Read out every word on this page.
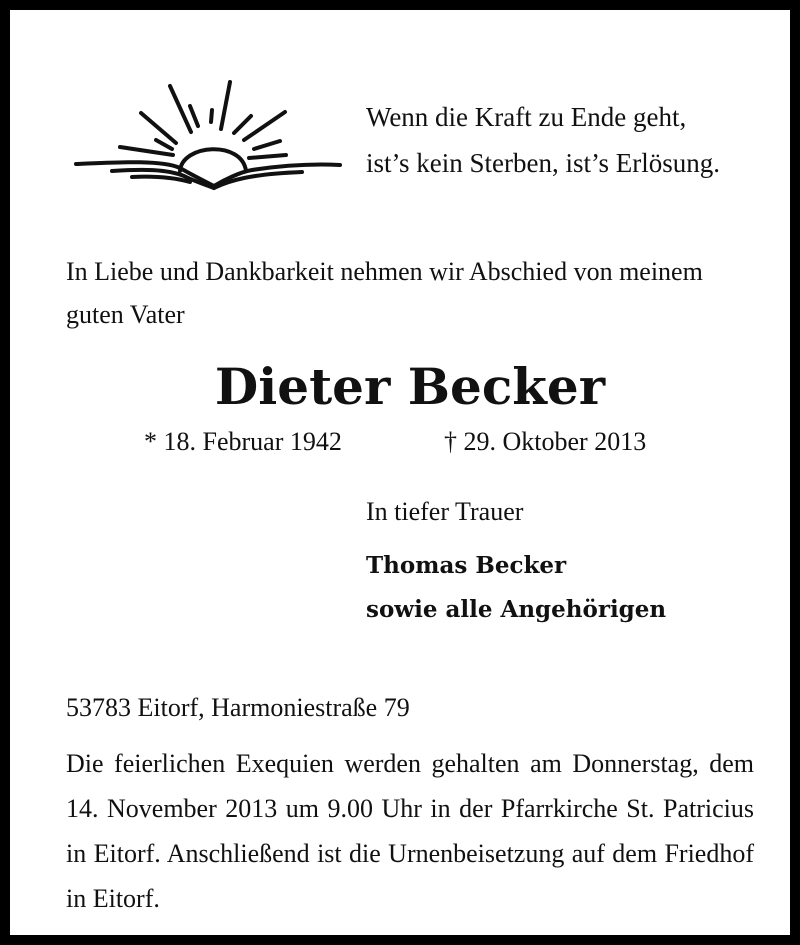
Wenn die Kraft zu Ende geht,
ist’s kein Sterben, ist’s Erlösung.
In Liebe und Dankbarkeit nehmen wir Abschied von meinem
guten Vater
Dieter Becker
* 18. Februar 1942	† 29. Oktober 2013
In tiefer Trauer
Thomas Becker
sowie alle Angehörigen
53783 Eitorf, Harmoniestraße 79
Die feierlichen Exequien werden gehalten am Donnerstag, dem 14. November 2013 um 9.00 Uhr in der Pfarrkirche St. Patricius in Eitorf. Anschließend ist die Urnenbeisetzung auf dem Friedhof in Eitorf.
